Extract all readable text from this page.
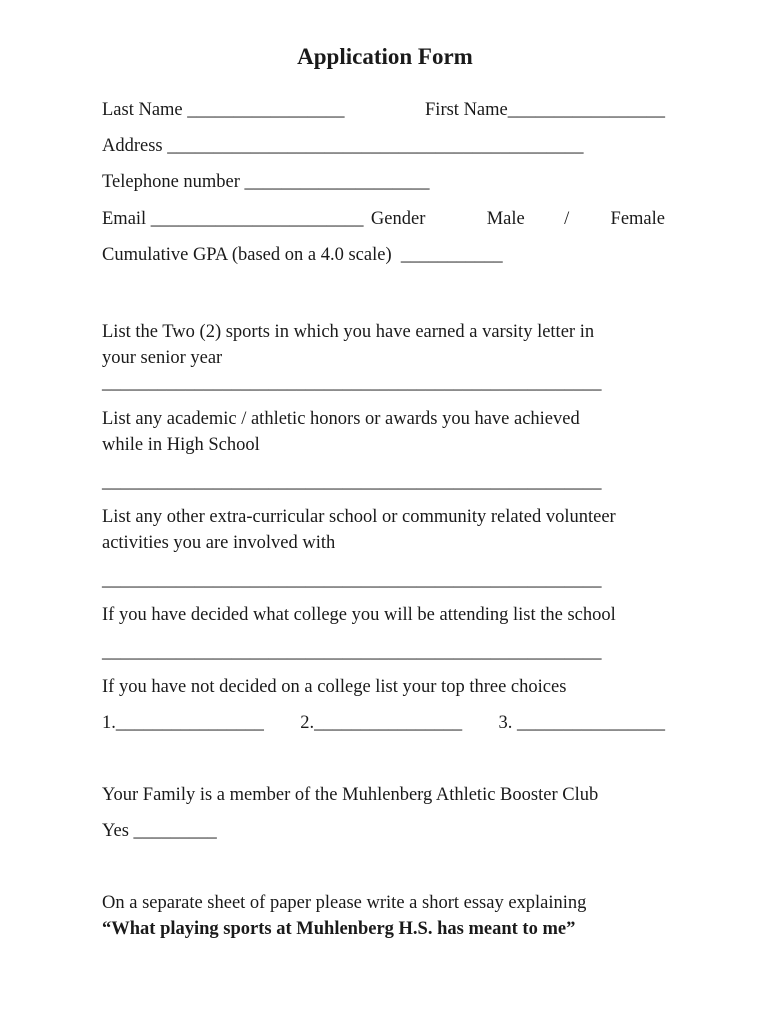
Application Form
Last Name _________________	First Name_________________
Address _____________________________________________
Telephone number ____________________
Email _______________________ Gender	Male / Female
Cumulative GPA (based on a 4.0 scale)  ___________
List the Two (2) sports in which you have earned a varsity letter in
your senior year
______________________________________________________
List any academic / athletic honors or awards you have achieved
while in High School
______________________________________________________
List any other extra-curricular school or community related volunteer
activities you are involved with
______________________________________________________
If you have decided what college you will be attending list the school
______________________________________________________
If you have not decided on a college list your top three choices
1.________________ 2.________________ 3. ________________
Your Family is a member of the Muhlenberg Athletic Booster Club
Yes _________
On a separate sheet of paper please write a short essay explaining
“What playing sports at Muhlenberg H.S. has meant to me”
